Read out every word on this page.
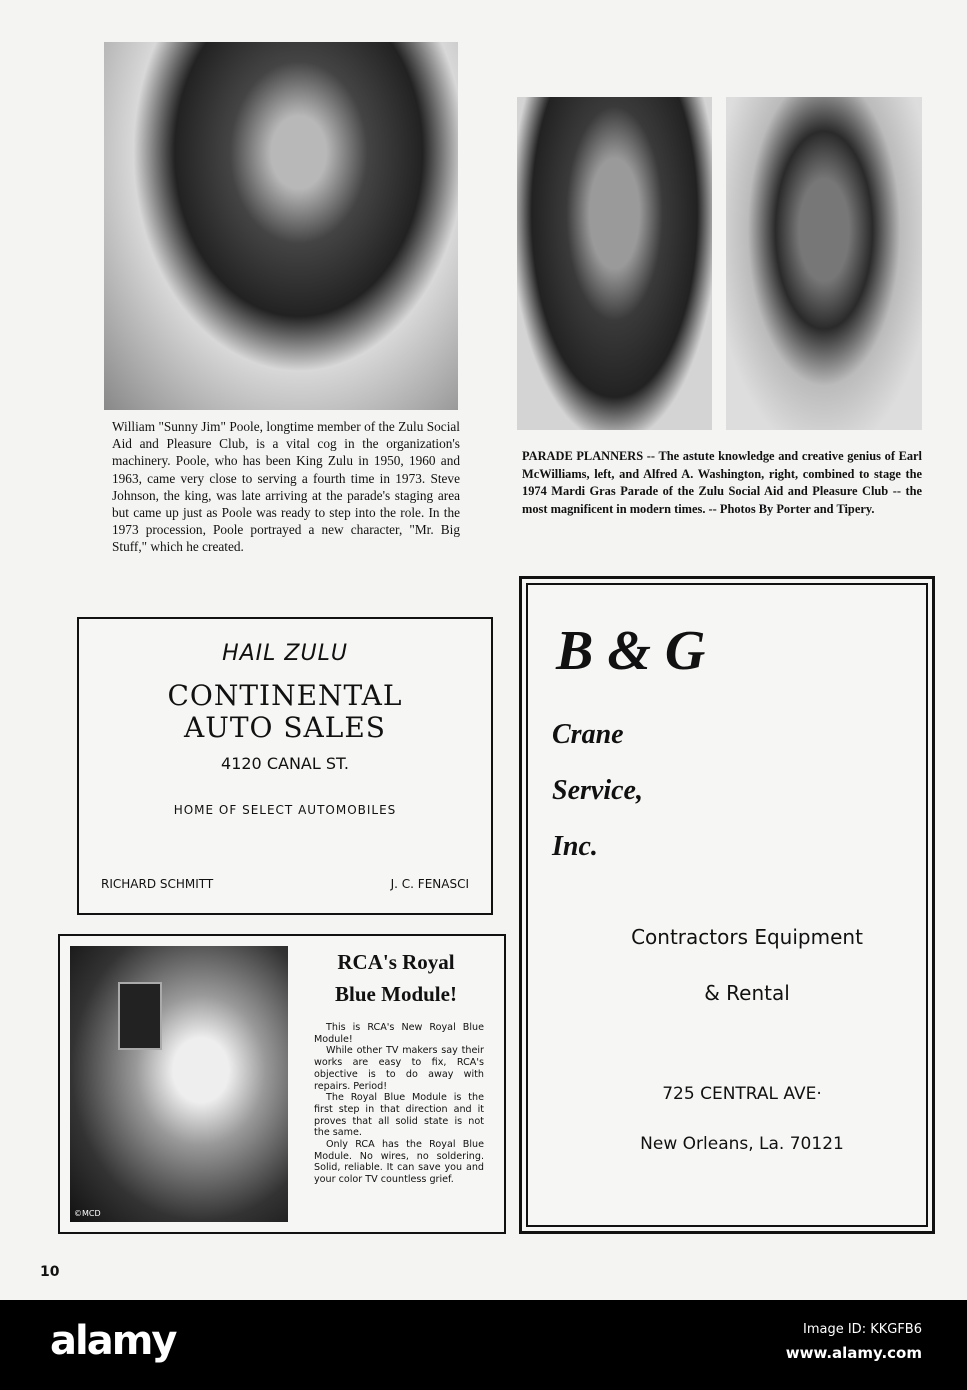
William "Sunny Jim" Poole, longtime member of the Zulu Social Aid and Pleasure Club, is a vital cog in the organization's machinery. Poole, who has been King Zulu in 1950, 1960 and 1963, came very close to serving a fourth time in 1973. Steve Johnson, the king, was late arriving at the parade's staging area but came up just as Poole was ready to step into the role. In the 1973 procession, Poole portrayed a new character, "Mr. Big Stuff," which he created.
PARADE PLANNERS -- The astute knowledge and creative genius of Earl McWilliams, left, and Alfred A. Washington, right, combined to stage the 1974 Mardi Gras Parade of the Zulu Social Aid and Pleasure Club -- the most magnificent in modern times. -- Photos By Porter and Tipery.
HAIL ZULU
CONTINENTAL
AUTO SALES
4120 CANAL ST.
HOME OF SELECT AUTOMOBILES
RICHARD SCHMITT	J. C. FENASCI
©MCD
RCA's Royal
Blue Module!
This is RCA's New Royal Blue Module!
While other TV makers say their works are easy to fix, RCA's objective is to do away with repairs. Period!
The Royal Blue Module is the first step in that direction and it proves that all solid state is not the same.
Only RCA has the Royal Blue Module. No wires, no soldering. Solid, reliable. It can save you and your color TV countless grief.
B & G
Crane
Service,
Inc.
Contractors Equipment
& Rental
725 CENTRAL AVE·
New Orleans, La. 70121
10
alamy	Image ID: KKGFB6
www.alamy.com
